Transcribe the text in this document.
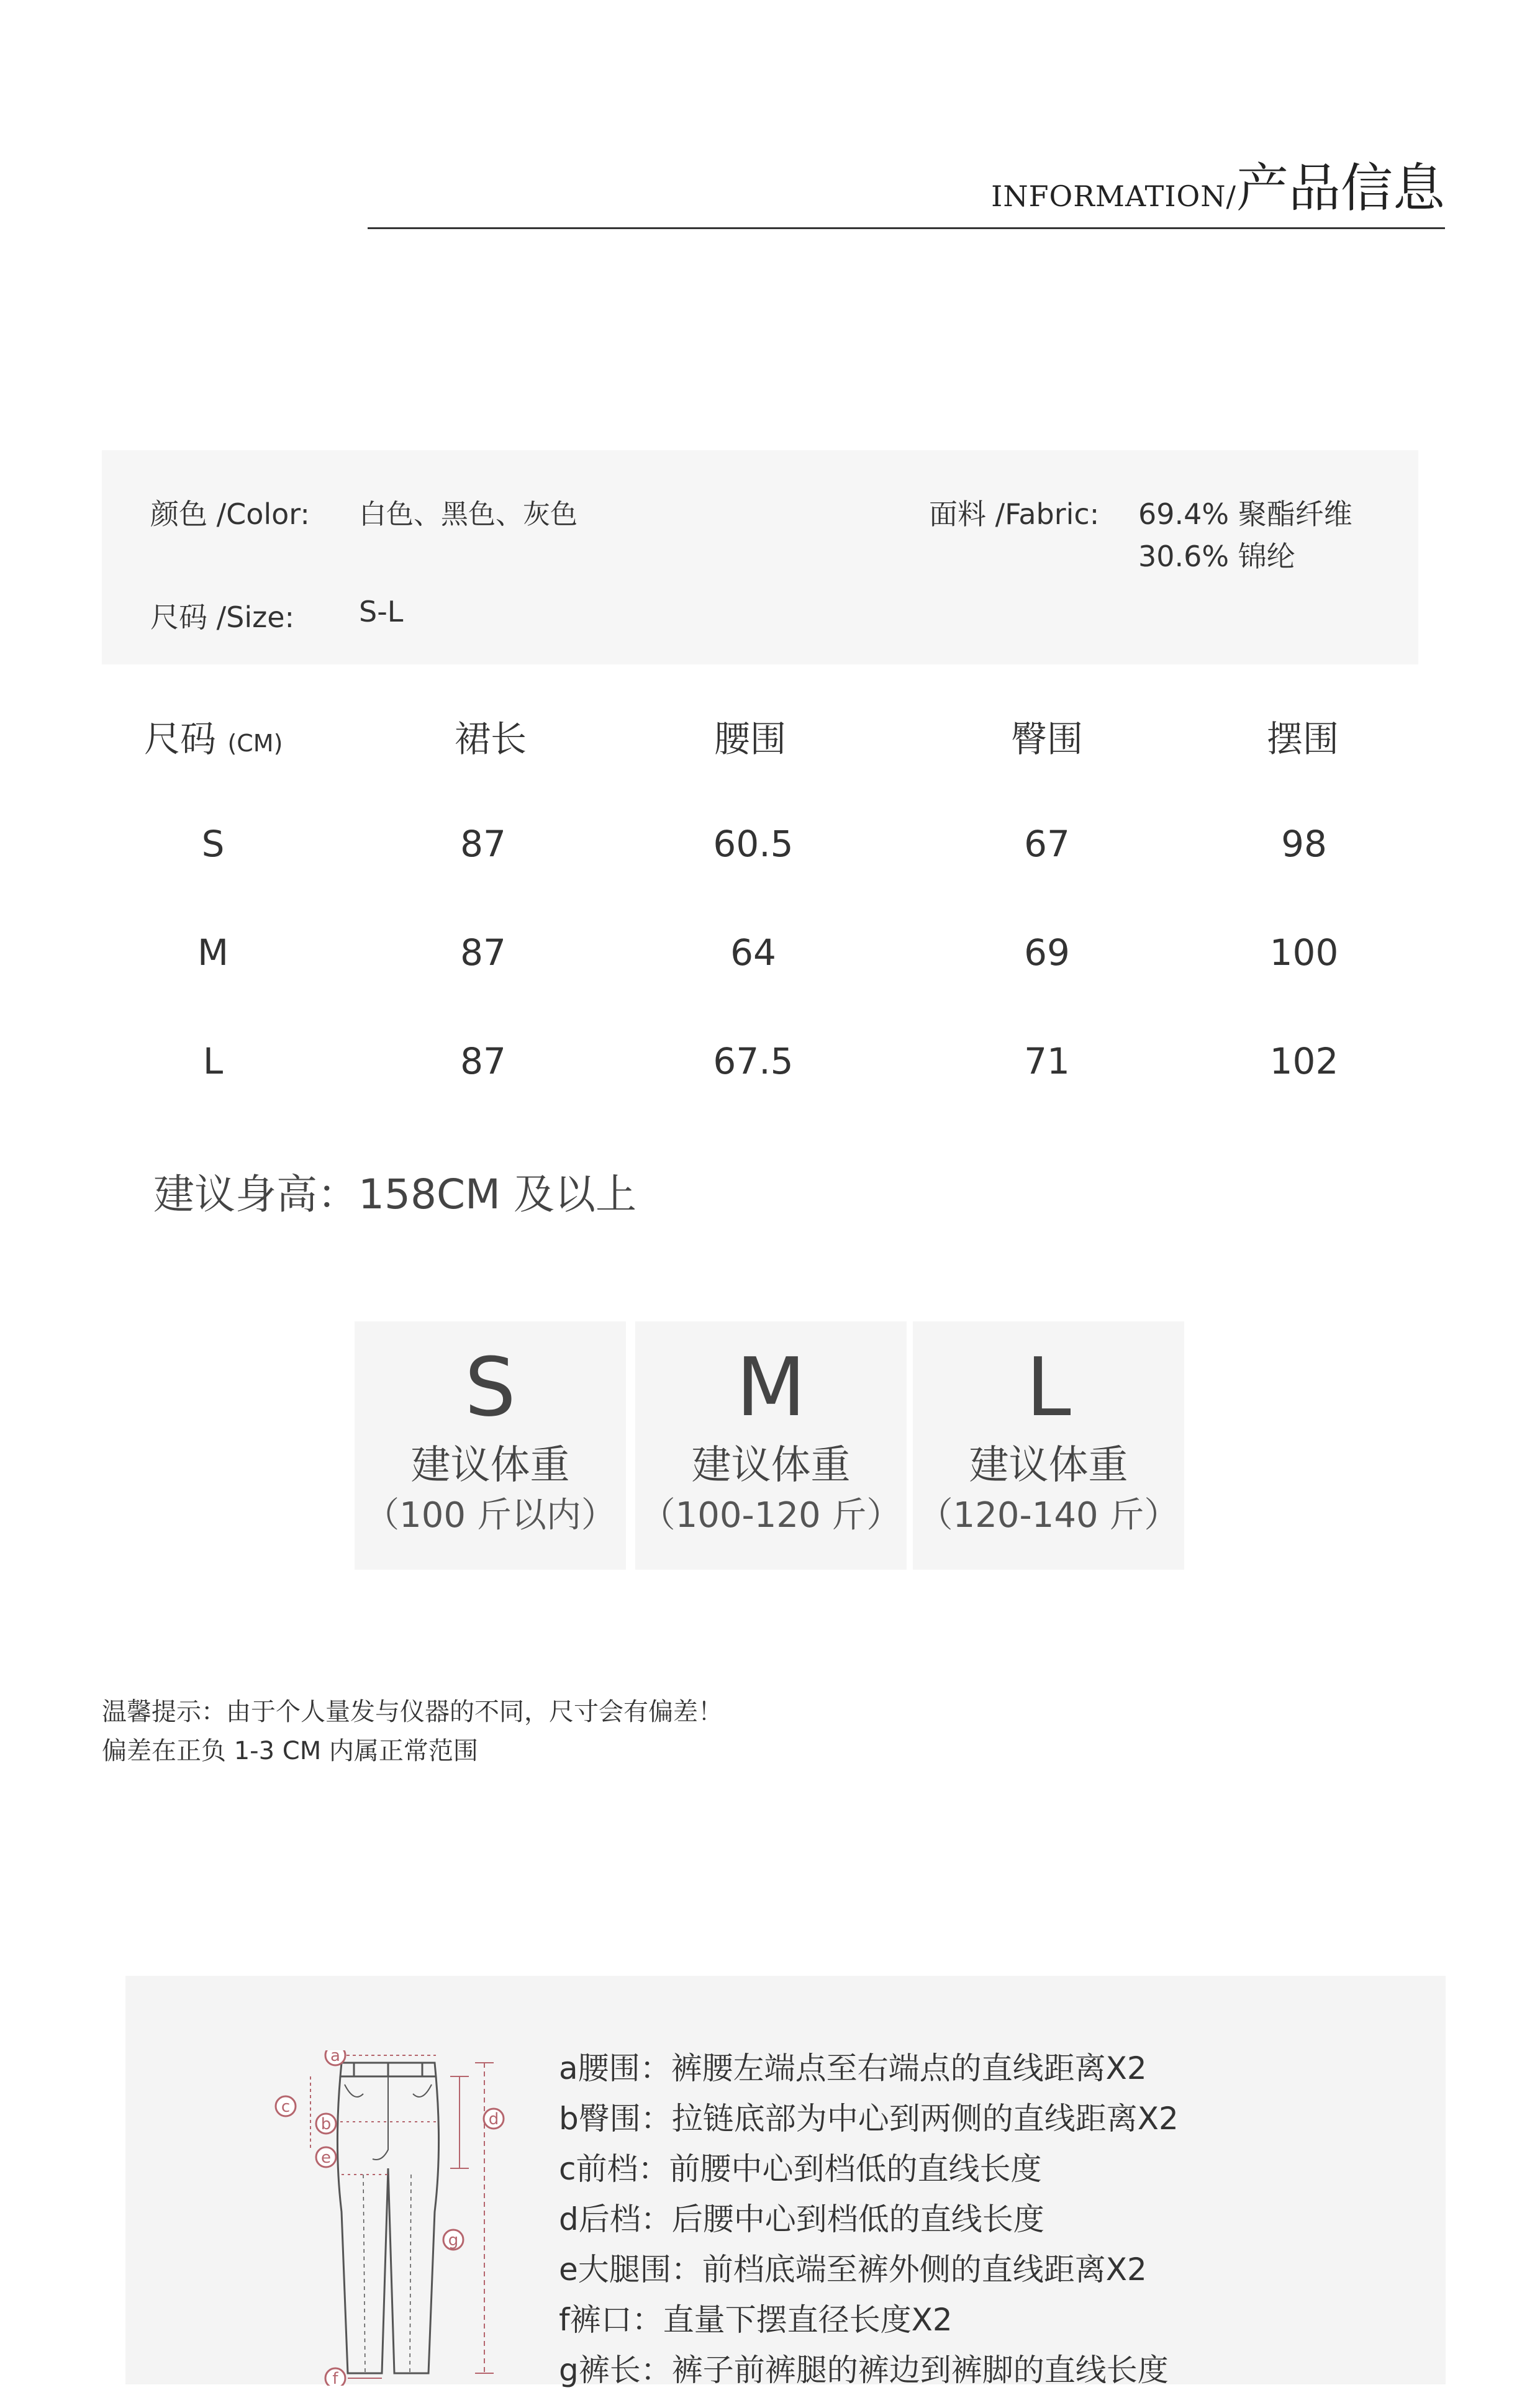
INFORMATION/产品信息
颜色 /Color: 白色、黑色、灰色	面料 /Fabric: 69.4% 聚酯纤维
30.6% 锦纶
尺码 /Size: S-L
尺码 (CM)	裙长	腰围	臀围	摆围
S	87	60.5	67	98
M	87	64	69	100
L	87	67.5	71	102
建议身高：158CM 及以上
S
建议体重
（100 斤以内）
M
建议体重
（100-120 斤）
L
建议体重
（120-140 斤）
温馨提示：由于个人量发与仪器的不同，尺寸会有偏差！
偏差在正负 1-3 CM 内属正常范围
a
b
c
d
e
f
g
a腰围：裤腰左端点至右端点的直线距离X2
b臀围：拉链底部为中心到两侧的直线距离X2
c前档：前腰中心到档低的直线长度
d后档：后腰中心到档低的直线长度
e大腿围：前档底端至裤外侧的直线距离X2
f裤口：直量下摆直径长度X2
g裤长：裤子前裤腿的裤边到裤脚的直线长度
